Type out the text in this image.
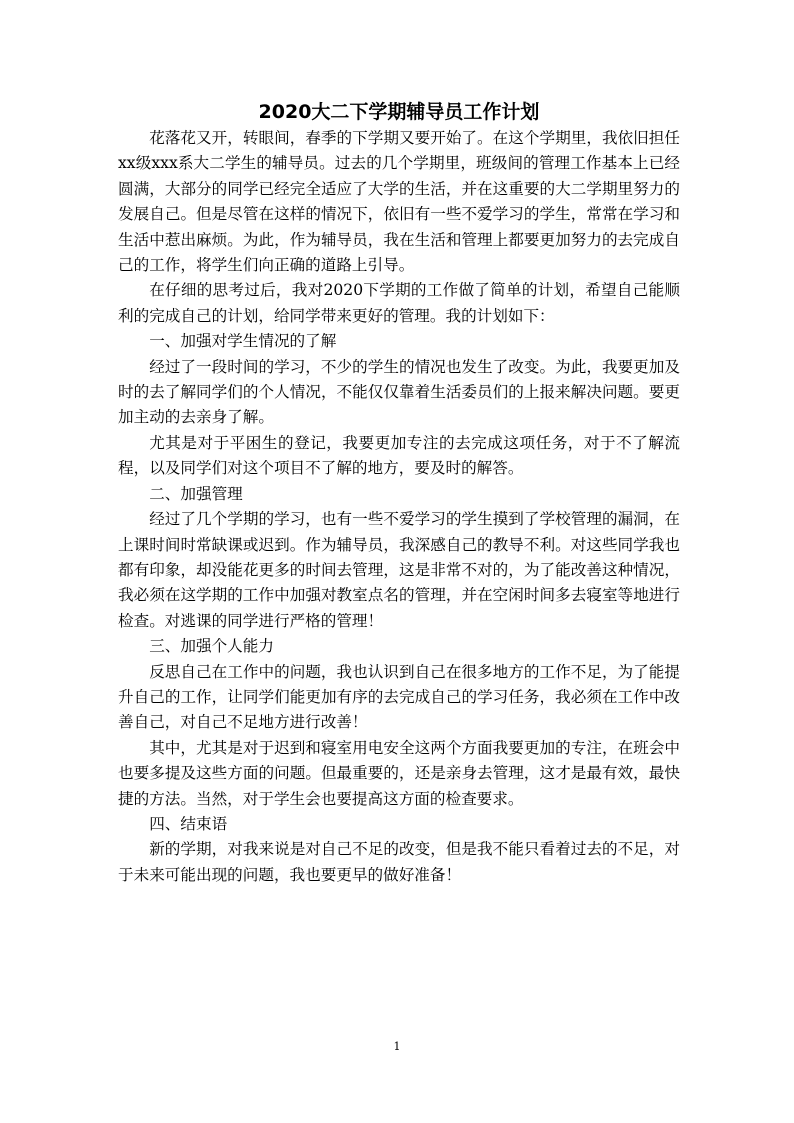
2020大二下学期辅导员工作计划

花落花又开，转眼间，春季的下学期又要开始了。在这个学期里，我依旧担任xx级xxx系大二学生的辅导员。过去的几个学期里，班级间的管理工作基本上已经圆满，大部分的同学已经完全适应了大学的生活，并在这重要的大二学期里努力的发展自己。但是尽管在这样的情况下，依旧有一些不爱学习的学生，常常在学习和生活中惹出麻烦。为此，作为辅导员，我在生活和管理上都要更加努力的去完成自己的工作，将学生们向正确的道路上引导。

在仔细的思考过后，我对2020下学期的工作做了简单的计划，希望自己能顺利的完成自己的计划，给同学带来更好的管理。我的计划如下：

一、加强对学生情况的了解

经过了一段时间的学习，不少的学生的情况也发生了改变。为此，我要更加及时的去了解同学们的个人情况，不能仅仅靠着生活委员们的上报来解决问题。要更加主动的去亲身了解。

尤其是对于平困生的登记，我要更加专注的去完成这项任务，对于不了解流程，以及同学们对这个项目不了解的地方，要及时的解答。

二、加强管理

经过了几个学期的学习，也有一些不爱学习的学生摸到了学校管理的漏洞，在上课时间时常缺课或迟到。作为辅导员，我深感自己的教导不利。对这些同学我也都有印象，却没能花更多的时间去管理，这是非常不对的，为了能改善这种情况，我必须在这学期的工作中加强对教室点名的管理，并在空闲时间多去寝室等地进行检查。对逃课的同学进行严格的管理！

三、加强个人能力

反思自己在工作中的问题，我也认识到自己在很多地方的工作不足，为了能提升自己的工作，让同学们能更加有序的去完成自己的学习任务，我必须在工作中改善自己，对自己不足地方进行改善！

其中，尤其是对于迟到和寝室用电安全这两个方面我要更加的专注，在班会中也要多提及这些方面的问题。但最重要的，还是亲身去管理，这才是最有效，最快捷的方法。当然，对于学生会也要提高这方面的检查要求。

四、结束语

新的学期，对我来说是对自己不足的改变，但是我不能只看着过去的不足，对于未来可能出现的问题，我也要更早的做好准备！

1
